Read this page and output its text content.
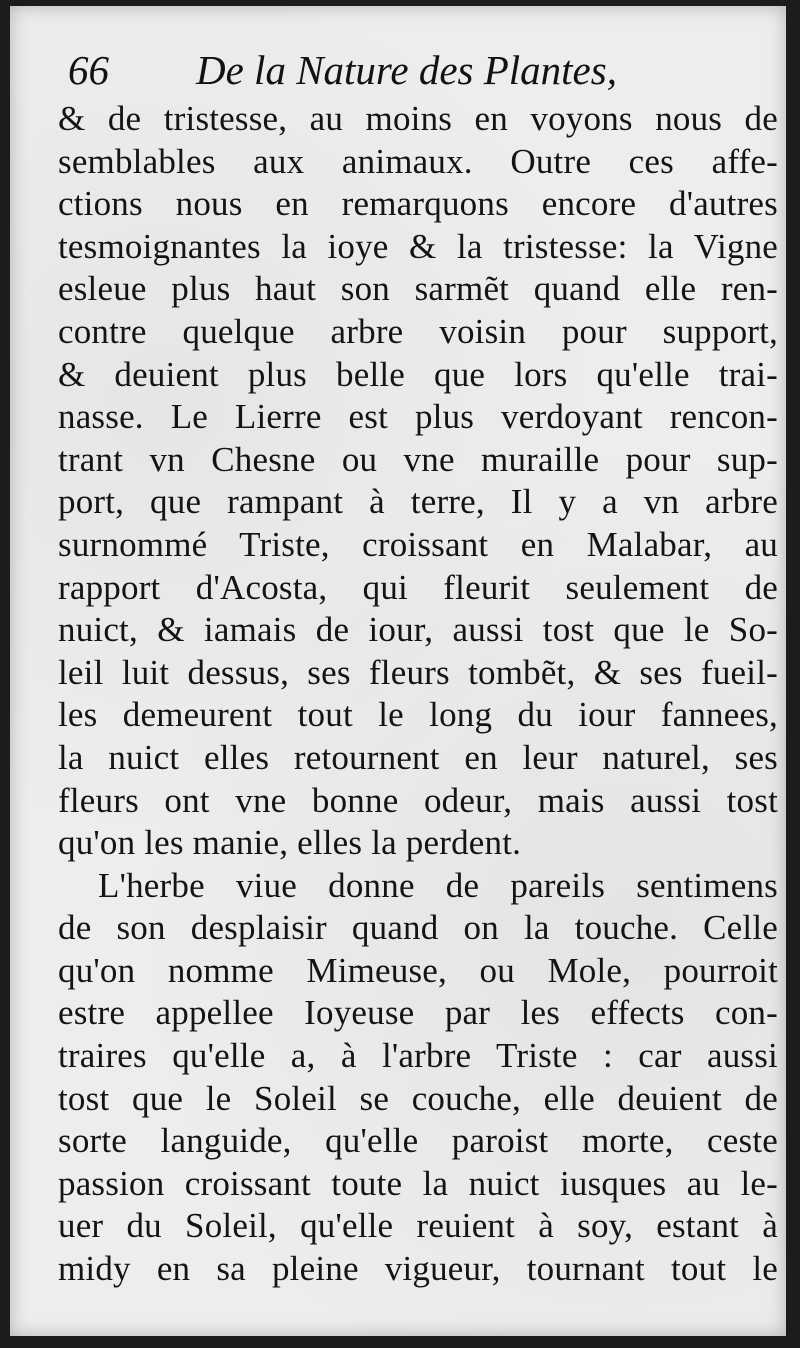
66 De la Nature des Plantes,
& de tristesse, au moins en voyons nous de
semblables aux animaux. Outre ces affe-
ctions nous en remarquons encore d'autres
tesmoignantes la ioye & la tristesse: la Vigne
esleue plus haut son sarmẽt quand elle ren-
contre quelque arbre voisin pour support,
& deuient plus belle que lors qu'elle trai-
nasse. Le Lierre est plus verdoyant rencon-
trant vn Chesne ou vne muraille pour sup-
port, que rampant à terre, Il y a vn arbre
surnommé Triste, croissant en Malabar, au
rapport d'Acosta, qui fleurit seulement de
nuict, & iamais de iour, aussi tost que le So-
leil luit dessus, ses fleurs tombẽt, & ses fueil-
les demeurent tout le long du iour fannees,
la nuict elles retournent en leur naturel, ses
fleurs ont vne bonne odeur, mais aussi tost
qu'on les manie, elles la perdent.
L'herbe viue donne de pareils sentimens
de son desplaisir quand on la touche. Celle
qu'on nomme Mimeuse, ou Mole, pourroit
estre appellee Ioyeuse par les effects con-
traires qu'elle a, à l'arbre Triste : car aussi
tost que le Soleil se couche, elle deuient de
sorte languide, qu'elle paroist morte, ceste
passion croissant toute la nuict iusques au le-
uer du Soleil, qu'elle reuient à soy, estant à
midy en sa pleine vigueur, tournant tout le
